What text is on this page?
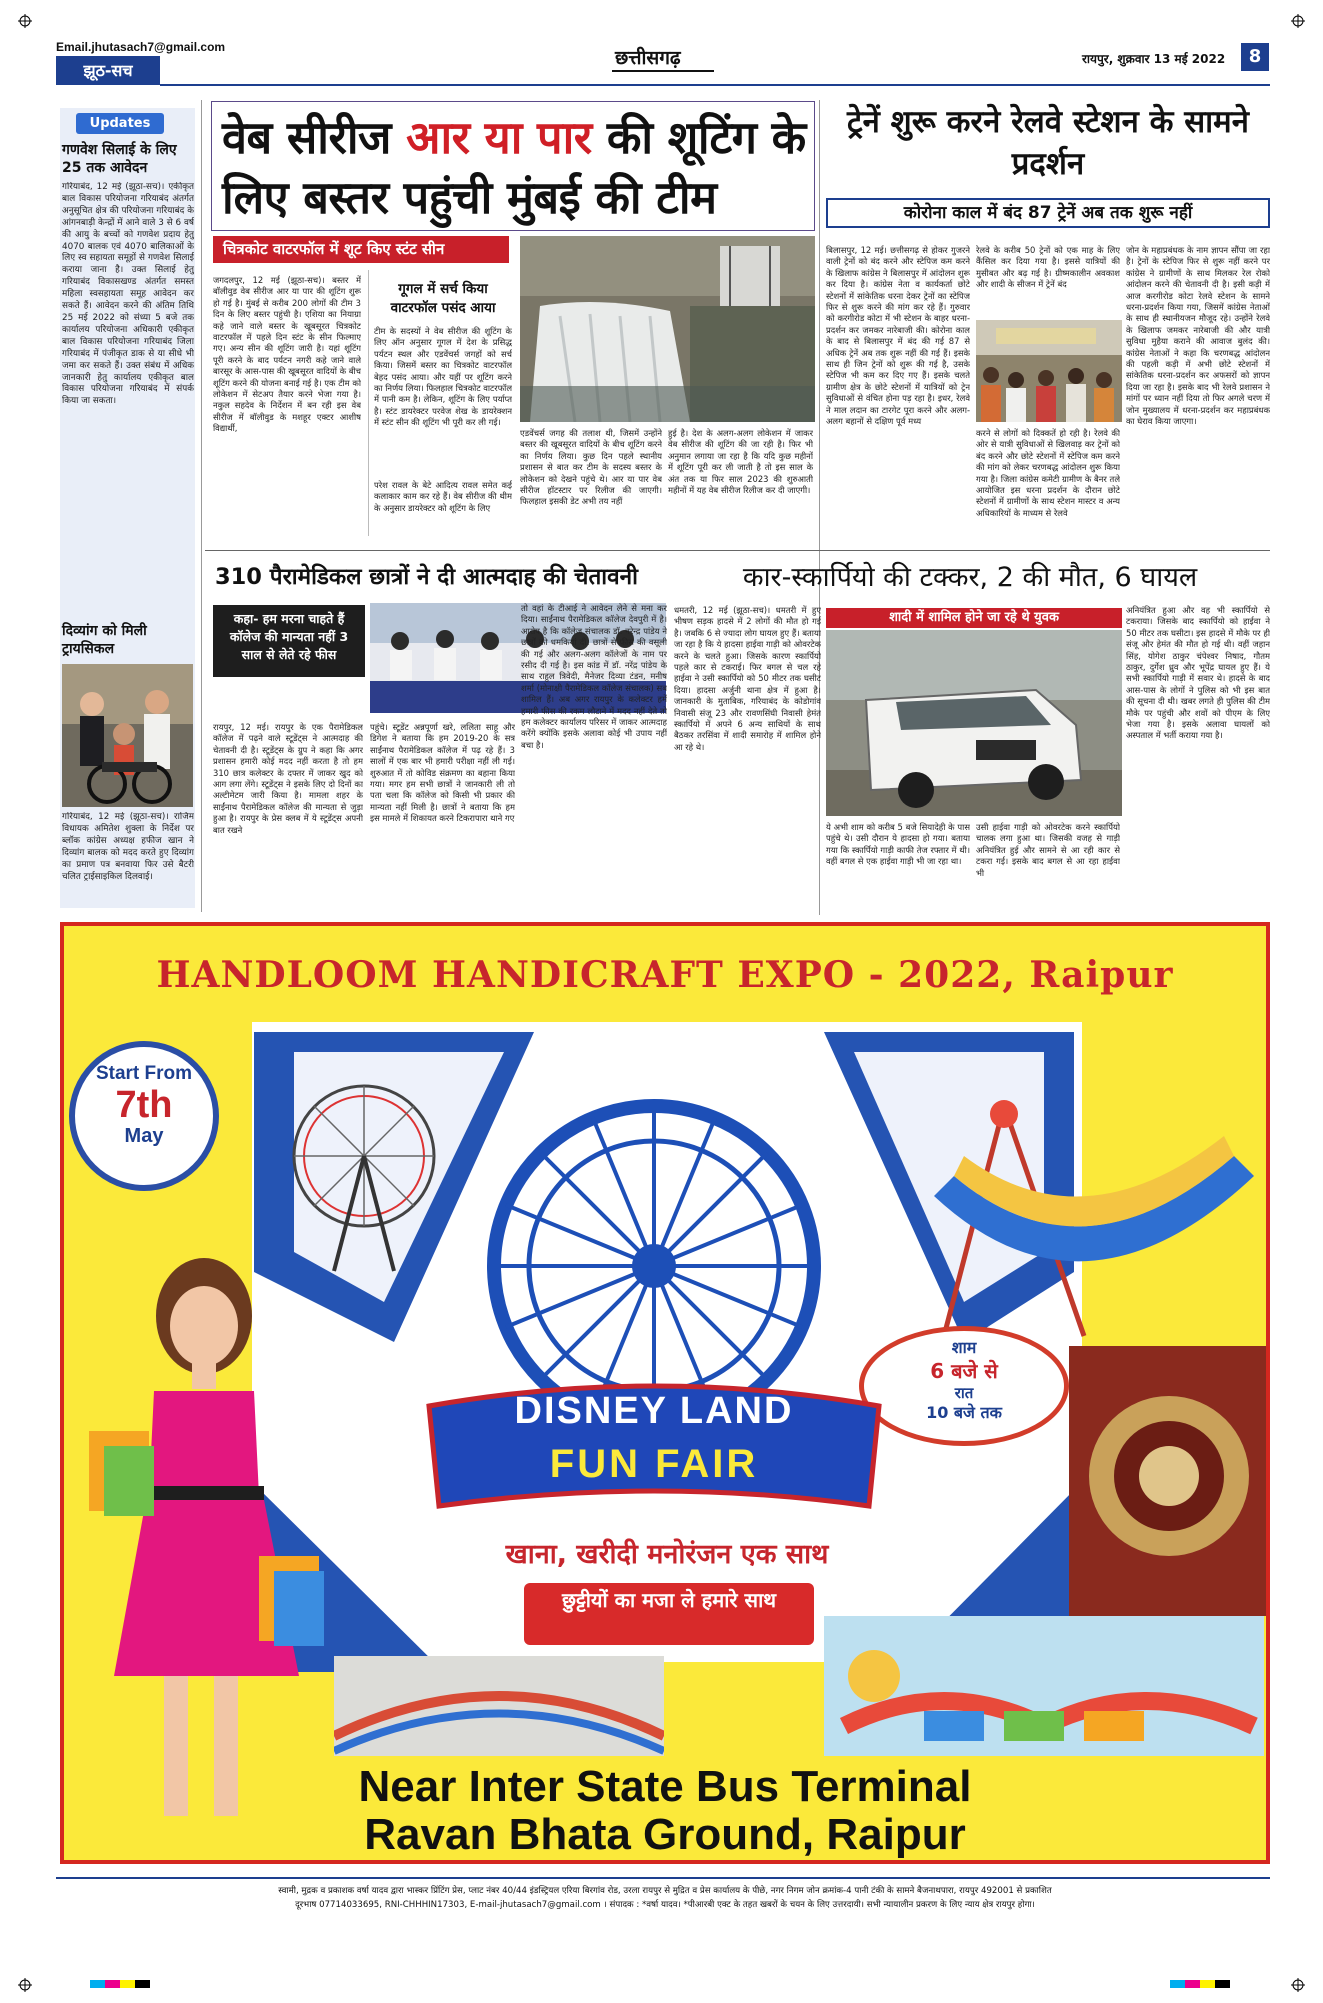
Email.jhutasach7@gmail.com
झूठ-सच
छत्तीसगढ़	रायपुर, शुक्रवार 13 मई 2022	8
Updates
गणवेश सिलाई के लिए 25 तक आवेदन
गरियाबंद, 12 मई (झूठा-सच)। एकीकृत बाल विकास परियोजना गरियाबंद अंतर्गत अनुसूचित क्षेत्र की परियोजना गरियाबंद के आंगनबाड़ी केन्द्रों में आने वाले 3 से 6 वर्ष की आयु के बच्चों को गणवेश प्रदाय हेतु 4070 बालक एवं 4070 बालिकाओं के लिए स्व सहायता समूहों से गणवेश सिलाई कराया जाना है। उक्त सिलाई हेतु गरियाबंद विकासखण्ड अंतर्गत समस्त महिला स्वसहायता समूह आवेदन कर सकते हैं। आवेदन करने की अंतिम तिथि 25 मई 2022 को संध्या 5 बजे तक कार्यालय परियोजना अधिकारी एकीकृत बाल विकास परियोजना गरियाबंद जिला गरियाबंद में पंजीकृत डाक से या सीधे भी जमा कर सकते हैं। उक्त संबंध में अधिक जानकारी हेतु कार्यालय एकीकृत बाल विकास परियोजना गरियाबंद में संपर्क किया जा सकता।
दिव्यांग को मिली ट्रायसिकल
गरियाबंद, 12 मई (झूठा-सच)। राजिम विधायक अमितेश शुक्ला के निर्देश पर ब्लॉक कांग्रेस अध्यक्ष हफीज खान ने दिव्यांग बालक को मदद करते हुए दिव्यांग का प्रमाण पत्र बनवाया फिर उसे बैटरी चलित ट्राईसाइकिल दिलवाई।
वेब सीरीज आर या पार की शूटिंग के लिए बस्तर पहुंची मुंबई की टीम
चित्रकोट वाटरफॉल में शूट किए स्टंट सीन
जगदलपुर, 12 मई (झूठा-सच)। बस्तर में बॉलीवुड वेब सीरीज आर या पार की शूटिंग शुरू हो गई है। मुंबई से करीब 200 लोगों की टीम 3 दिन के लिए बस्तर पहुंची है। एशिया का नियाग्रा कहे जाने वाले बस्तर के खूबसूरत चित्रकोट वाटरफॉल में पहले दिन स्टंट के सीन फिल्माए गए। अन्य सीन की शूटिंग जारी है। यहां शूटिंग पूरी करने के बाद पर्यटन नगरी कहे जाने वाले बारसूर के आस-पास की खूबसूरत वादियों के बीच शूटिंग करने की योजना बनाई गई है। एक टीम को लोकेशन में सेटअप तैयार करने भेजा गया है। नकुल सहदेव के निर्देशन में बन रही इस वेब सीरीज में बॉलीवुड के मशहूर एक्टर आशीष विद्यार्थी,
गूगल में सर्च किया वाटरफॉल पसंद आया
टीम के सदस्यों ने वेब सीरीज की शूटिंग के लिए ऑन अनुसार गूगल में देश के प्रसिद्ध पर्यटन स्थल और एडवेंचर्स जगहों को सर्च किया। जिसमें बस्तर का चित्रकोट वाटरफॉल बेहद पसंद आया। और यहीं पर शूटिंग करने का निर्णय लिया। फिलहाल चित्रकोट वाटरफॉल में पानी कम है। लेकिन, शूटिंग के लिए पर्याप्त है। स्टंट डायरेक्टर परवेज शेख के डायरेक्शन में स्टंट सीन की शूटिंग भी पूरी कर ली गई।
परेश रावल के बेटे आदित्य रावल समेत कई कलाकार काम कर रहे हैं। वेब सीरीज की थीम के अनुसार डायरेक्टर को शूटिंग के लिए
एडवेंचर्स जगह की तलाश थी, जिसमें उन्होंने बस्तर की खूबसूरत वादियों के बीच शूटिंग करने का निर्णय लिया। कुछ दिन पहले स्थानीय प्रशासन से बात कर टीम के सदस्य बस्तर के लोकेशन को देखने पहुंचे थे। आर या पार वेब सीरीज हॉटस्टार पर रिलीज की जाएगी। फिलहाल इसकी डेट अभी तय नहीं
हुई है। देश के अलग-अलग लोकेशन में जाकर वेब सीरीज की शूटिंग की जा रही है। फिर भी अनुमान लगाया जा रहा है कि यदि कुछ महीनों में शूटिंग पूरी कर ली जाती है तो इस साल के अंत तक या फिर साल 2023 की शुरुआती महीनों में यह वेब सीरीज रिलीज कर दी जाएगी।
ट्रेनें शुरू करने रेलवे स्टेशन के सामने प्रदर्शन
कोरोना काल में बंद 87 ट्रेनें अब तक शुरू नहीं
बिलासपुर, 12 मई। छत्तीसगढ़ से होकर गुजरने वाली ट्रेनों को बंद करने और स्टेपिज कम करने के खिलाफ कांग्रेस ने बिलासपुर में आंदोलन शुरू कर दिया है। कांग्रेस नेता व कार्यकर्ता छोटे स्टेशनों में सांकेतिक धरना देकर ट्रेनों का स्टेपिज फिर से शुरू करने की मांग कर रहे हैं। गुरुवार को करगीरोड कोटा में भी स्टेशन के बाहर धरना-प्रदर्शन कर जमकर नारेबाजी की। कोरोना काल के बाद से बिलासपुर में बंद की गई 87 से अधिक ट्रेनें अब तक शुरू नहीं की गई हैं। इसके साथ ही जिन ट्रेनों को शुरू की गई है, उसके स्टेपिज भी कम कर दिए गए हैं। इसके चलते ग्रामीण क्षेत्र के छोटे स्टेशनों में यात्रियों को ट्रेन सुविधाओं से वंचित होना पड़ रहा है। इधर, रेलवे ने माल लदान का टारगेट पूरा करने और अलग-अलग बहानों से दक्षिण पूर्व मध्य
रेलवे के करीब 50 ट्रेनों को एक माह के लिए कैंसिल कर दिया गया है। इससे यात्रियों की मुसीबत और बढ़ गई है। ग्रीष्मकालीन अवकाश और शादी के सीजन में ट्रेनें बंद
करने से लोगों को दिक्कतें हो रही है। रेलवे की ओर से यात्री सुविधाओं से खिलवाड़ कर ट्रेनों को बंद करने और छोटे स्टेशनों में स्टेपिज कम करने की मांग को लेकर चरणबद्ध आंदोलन शुरू किया गया है। जिला कांग्रेस कमेटी ग्रामीण के बैनर तले आयोजित इस धरना प्रदर्शन के दौरान छोटे स्टेशनों में ग्रामीणों के साथ स्टेशन मास्टर व अन्य अधिकारियों के माध्यम से रेलवे
जोन के महाप्रबंधक के नाम ज्ञापन सौंपा जा रहा है। ट्रेनों के स्टेपिज फिर से शुरू नहीं करने पर कांग्रेस ने ग्रामीणों के साथ मिलकर रेल रोको आंदोलन करने की चेतावनी दी है। इसी कड़ी में आज करगीरोड कोटा रेलवे स्टेशन के सामने धरना-प्रदर्शन किया गया, जिसमें कांग्रेस नेताओं के साथ ही स्थानीयजन मौजूद रहे। उन्होंने रेलवे के खिलाफ जमकर नारेबाजी की और यात्री सुविधा मुहैया कराने की आवाज बुलंद की। कांग्रेस नेताओं ने कहा कि चरणबद्ध आंदोलन की पहली कड़ी में अभी छोटे स्टेशनों में सांकेतिक धरना-प्रदर्शन कर अफसरों को ज्ञापन दिया जा रहा है। इसके बाद भी रेलवे प्रशासन ने मांगों पर ध्यान नहीं दिया तो फिर अगले चरण में जोन मुख्यालय में धरना-प्रदर्शन कर महाप्रबंधक का घेराव किया जाएगा।
310 पैरामेडिकल छात्रों ने दी आत्मदाह की चेतावनी
कहा- हम मरना चाहते हैं कॉलेज की मान्यता नहीं 3 साल से लेते रहे फीस
रायपुर, 12 मई। रायपुर के एक पैरामेडिकल कॉलेज में पढ़ने वाले स्टूडेंट्स ने आत्मदाह की चेतावनी दी है। स्टूडेंट्स के ग्रुप ने कहा कि अगर प्रशासन हमारी कोई मदद नहीं करता है तो हम 310 छात्र कलेक्टर के दफ्तर में जाकर खुद को आग लगा लेंगे। स्टूडेंट्स ने इसके लिए दो दिनों का अल्टीमेटम जारी किया है। मामला शहर के साईंनाथ पैरामेडिकल कॉलेज की मान्यता से जुड़ा हुआ है। रायपुर के प्रेस क्लब में ये स्टूडेंट्स अपनी बात रखने
पहुंचे। स्टूडेंट अन्नपूर्णा खरे, ललिता साहू और डिगेश ने बताया कि हम 2019-20 के सत्र साईंनाथ पैरामेडिकल कॉलेज में पढ़ रहे हैं। 3 सालों में एक बार भी हमारी परीक्षा नहीं ली गई। शुरुआत में तो कोविड संक्रमण का बहाना किया गया। मगर हम सभी छात्रों ने जानकारी ली तो पता चला कि कॉलेज को किसी भी प्रकार की मान्यता नहीं मिली है। छात्रों ने बताया कि हम इस मामले में शिकायत करने टिकरापारा थाने गए
तो वहां के टीआई ने आवेदन लेने से मना कर दिया। साईंनाथ पैरामेडिकल कॉलेज देवपुरी में है। आरोप है कि कॉलेज संचालक डॉ. नरेन्द्र पांडेय ने छात्रों को धमकियां दी। छात्रों से फीस की वसूली की गई और अलग-अलग कॉलेजों के नाम पर रसीद दी गई है। इस कांड में डॉ. नरेंद्र पांडेय के साथ राहुल त्रिवेदी, मैनेजर दिव्या टंडन, मनीष शर्मा (मोनाक्षी पैरामेडिकल कॉलेज संचालक) सब शामिल हैं। अब अगर रायपुर के कलेक्टर हमें हमारी फीस की रकम लौटाने में मदद नहीं देते तो हम कलेक्टर कार्यालय परिसर में जाकर आत्मदाह करेंगे क्योंकि इसके अलावा कोई भी उपाय नहीं बचा है।
कार-स्कार्पियो की टक्कर, 2 की मौत, 6 घायल
धमतरी, 12 मई (झूठा-सच)। धमतरी में हुए भीषण सड़क हादसे में 2 लोगों की मौत हो गई है। जबकि 6 से ज्यादा लोग घायल हुए हैं। बताया जा रहा है कि ये हादसा हाईवा गाड़ी को ओवरटेक करने के चलते हुआ। जिसके कारण स्कार्पियो पहले कार से टकराई। फिर बगल से चल रहे हाईवा ने उसी स्कार्पियो को 50 मीटर तक घसीट दिया। हादसा अर्जुनी थाना क्षेत्र में हुआ है। जानकारी के मुताबिक, गरियाबंद के कोडोगांव निवासी संजू 23 और रावणसिंघी निवासी हेमंत स्कार्पियो में अपने 6 अन्य साथियों के साथ बैठकर तरसिंवा में शादी समारोह में शामिल होने आ रहे थे।
शादी में शामिल होने जा रहे थे युवक
ये अभी शाम को करीब 5 बजे सियादेही के पास पहुंचे थे। उसी दौरान ये हादसा हो गया। बताया गया कि स्कार्पियो गाड़ी काफी तेज रफ्तार में थी। वहीं बगल से एक हाईवा गाड़ी भी जा रहा था।
उसी हाईवा गाड़ी को ओवरटेक करने स्कार्पियो चालक लगा हुआ था। जिसकी वजह से गाड़ी अनियंत्रित हुई और सामने से आ रही कार से टकरा गई। इसके बाद बगल से आ रहा हाईवा भी
अनियंत्रित हुआ और वह भी स्कार्पियो से टकराया। जिसके बाद स्कार्पियो को हाईवा ने 50 मीटर तक घसीटा। इस हादसे में मौके पर ही संजू और हेमंत की मौत हो गई थी। वहीं जहान सिंह, योगेश ठाकुर चंपेश्वर निषाद, गौतम ठाकुर, दुर्गेश ध्रुव और भूपेंद्र घायल हुए हैं। ये सभी स्कार्पियो गाड़ी में सवार थे। हादसे के बाद आस-पास के लोगों ने पुलिस को भी इस बात की सूचना दी थी। खबर लगते ही पुलिस की टीम मौके पर पहुंची और शवों को पीएम के लिए भेजा गया है। इसके अलावा घायलों को अस्पताल में भर्ती कराया गया है।
HANDLOOM HANDICRAFT EXPO - 2022, Raipur
Start From
7th
May
शाम
6 बजे से
रात
10 बजे तक
DISNEY LAND
FUN FAIR
खाना, खरीदी मनोरंजन एक साथ
छुट्टीयों का मजा ले हमारे साथ
Near Inter State Bus Terminal
Ravan Bhata Ground, Raipur
स्वामी, मुद्रक व प्रकाशक वर्षा यादव द्वारा भास्कर प्रिंटिंग प्रेस, प्लाट नंबर 40/44 इंडस्ट्रियल एरिया बिरगांव रोड, उरला रायपुर से मुद्रित व प्रेस कार्यालय के पीछे, नगर निगम जोन क्रमांक-4 पानी टंकी के सामने बैजनाथपारा, रायपुर 492001 से प्रकाशित
दूरभाष 07714033695, RNI-CHHHIN17303, E-mail-jhutasach7@gmail.com । संपादक : *वर्षा यादव। *पीआरबी एक्ट के तहत खबरों के चयन के लिए उत्तरदायी। सभी न्यायालीन प्रकरण के लिए न्याय क्षेत्र रायपुर होगा।
